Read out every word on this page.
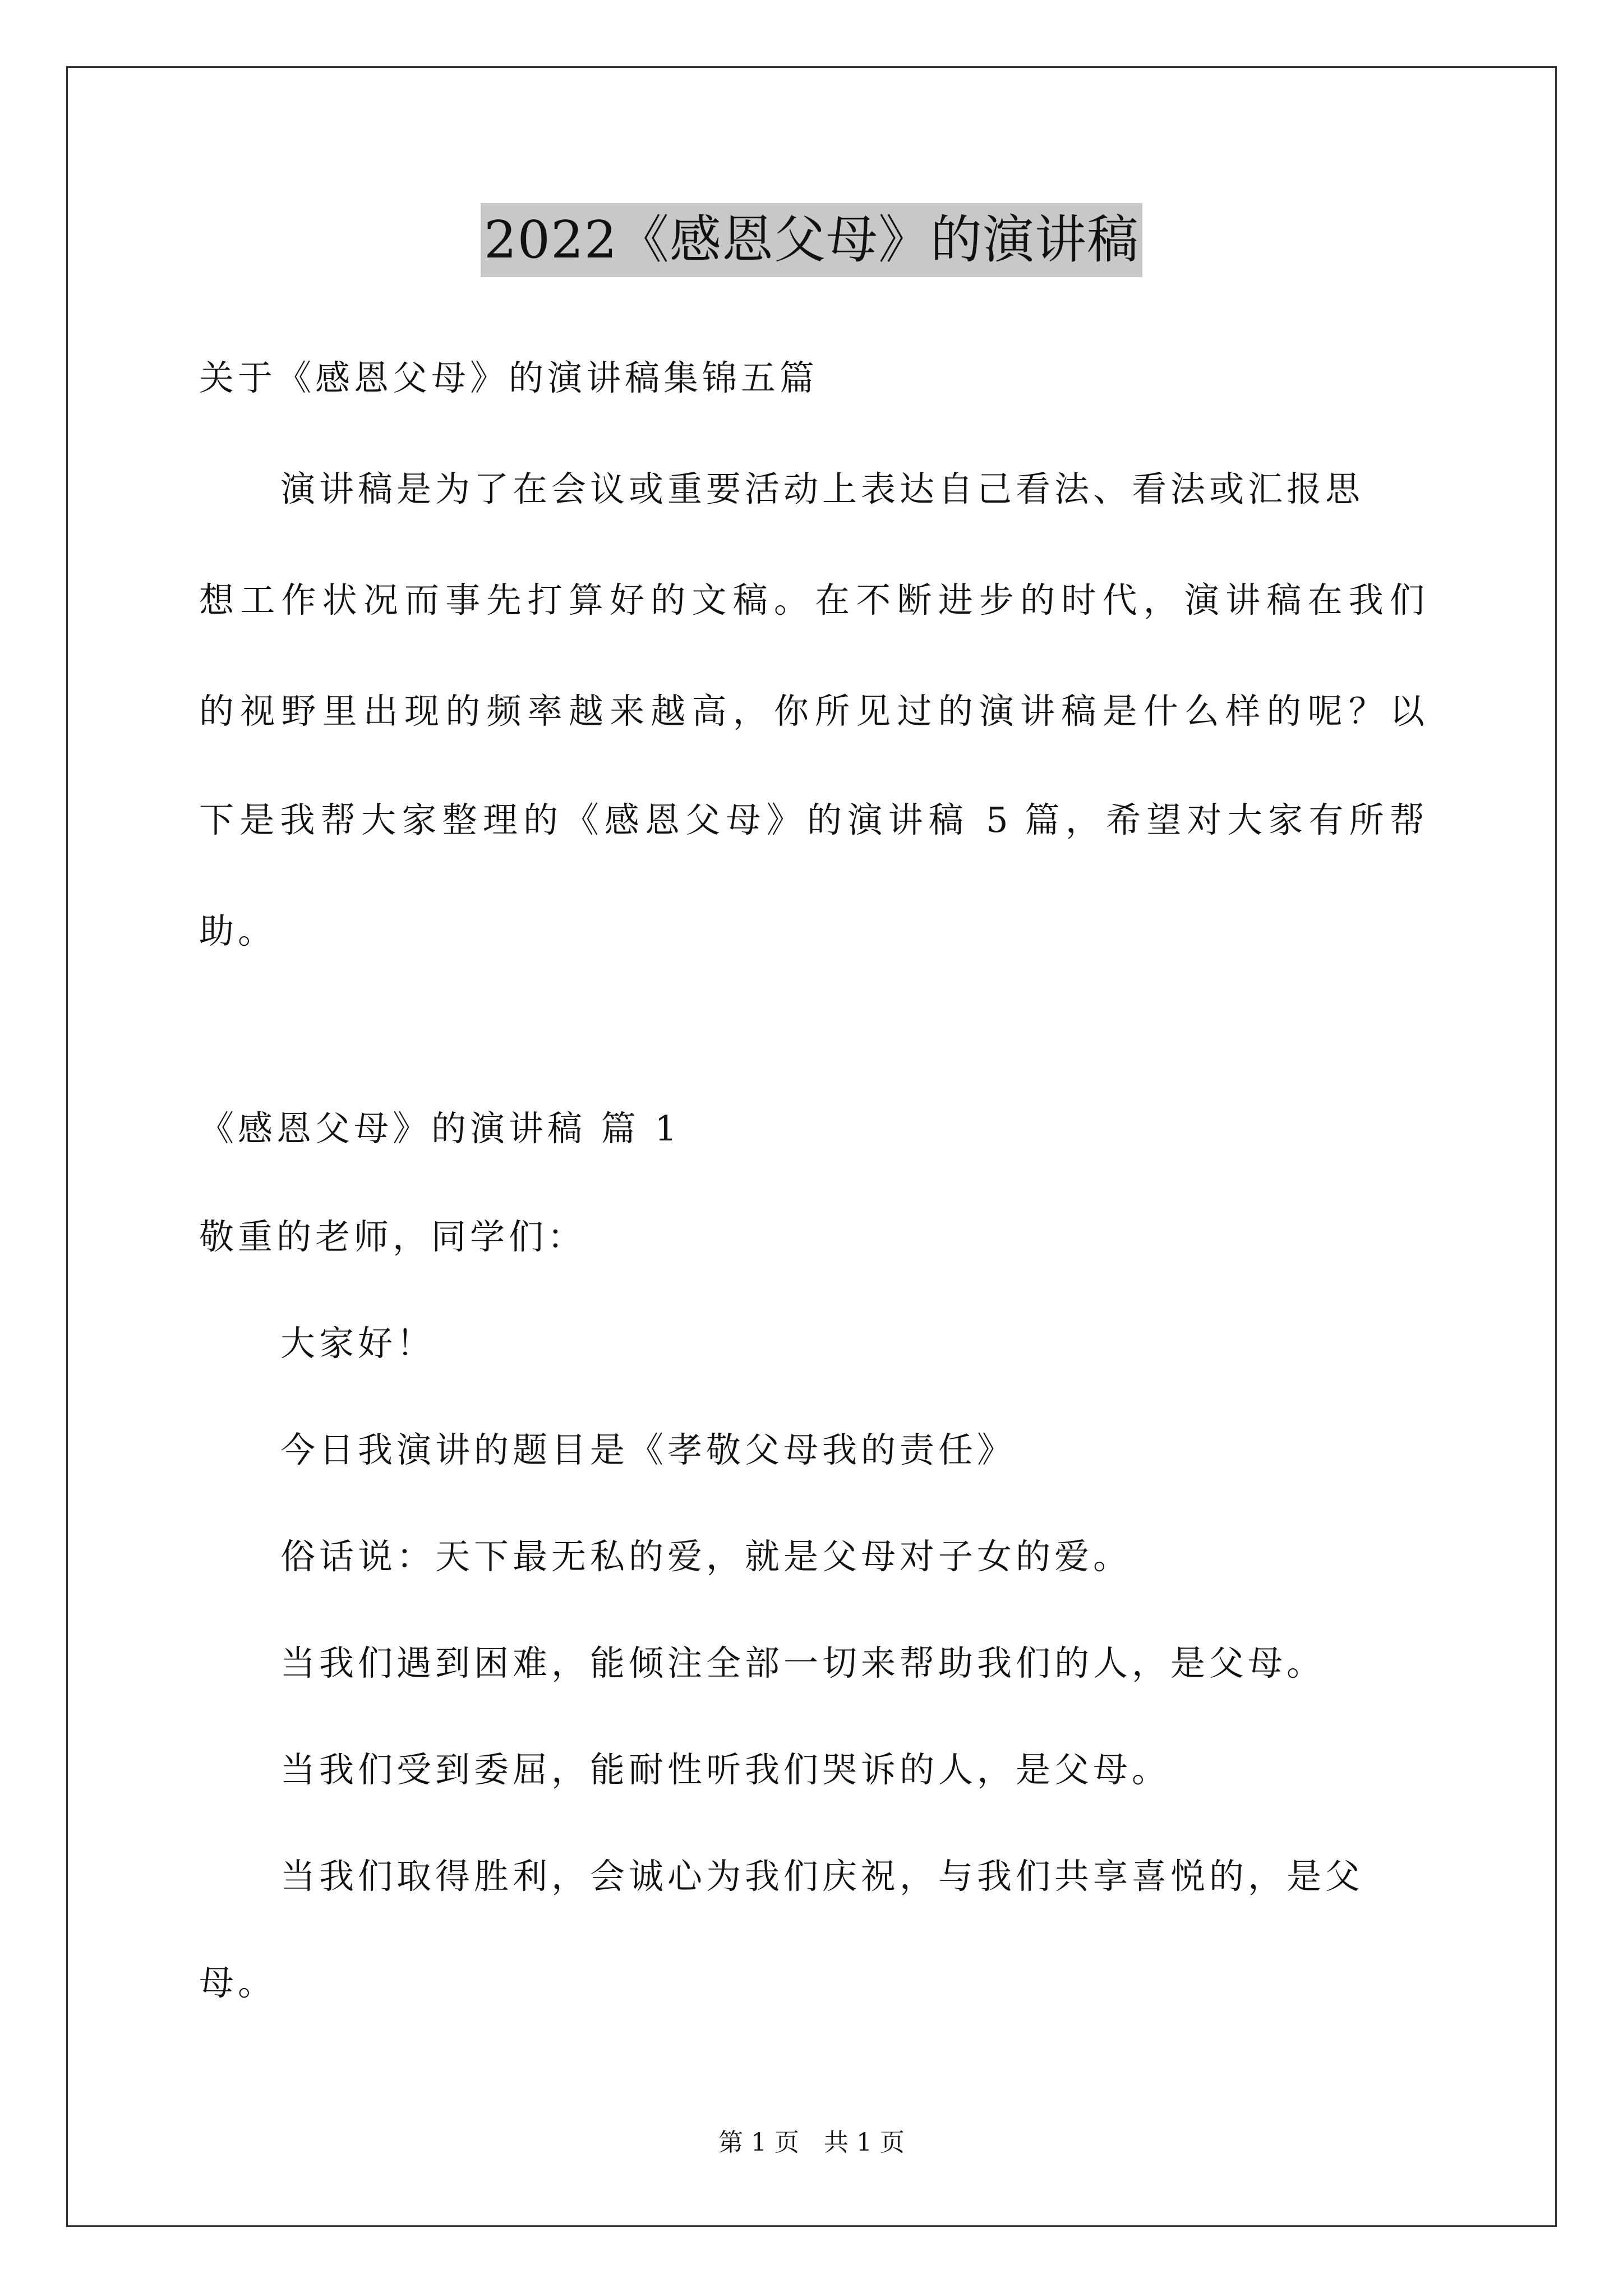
2022《感恩父母》的演讲稿
关于《感恩父母》的演讲稿集锦五篇
演讲稿是为了在会议或重要活动上表达自己看法、看法或汇报思
想工作状况而事先打算好的文稿。在不断进步的时代，演讲稿在我们
的视野里出现的频率越来越高，你所见过的演讲稿是什么样的呢？以
下是我帮大家整理的《感恩父母》的演讲稿 5 篇，希望对大家有所帮
助。
《感恩父母》的演讲稿 篇 1
敬重的老师，同学们：
大家好！
今日我演讲的题目是《孝敬父母我的责任》
俗话说：天下最无私的爱，就是父母对子女的爱。
当我们遇到困难，能倾注全部一切来帮助我们的人，是父母。
当我们受到委屈，能耐性听我们哭诉的人，是父母。
当我们取得胜利，会诚心为我们庆祝，与我们共享喜悦的，是父
母。
第 1 页　共 1 页
